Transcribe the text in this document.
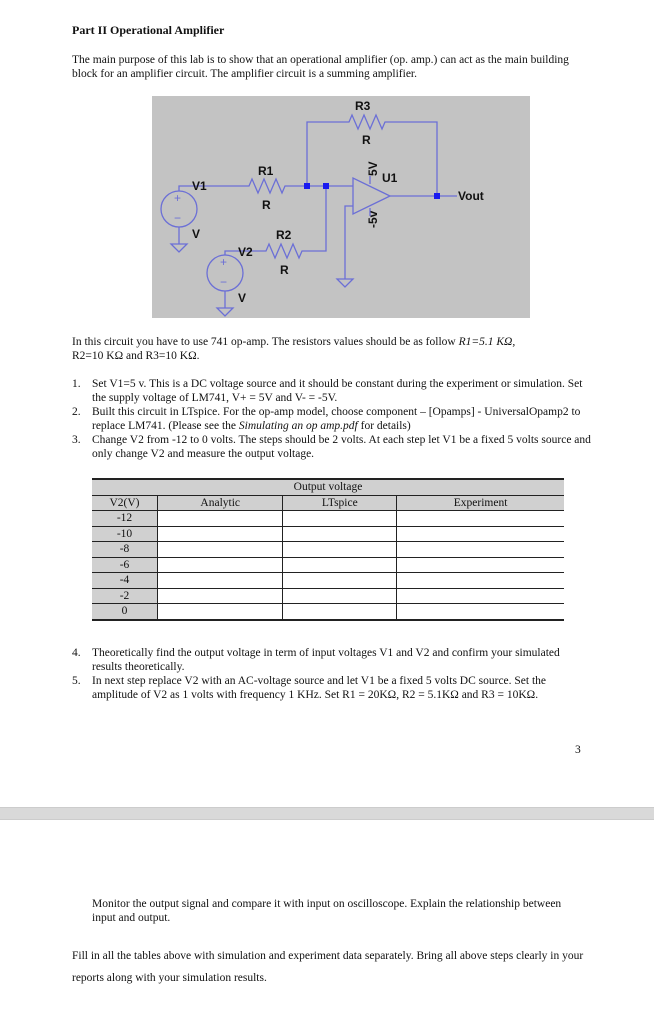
Part II Operational Amplifier
The main purpose of this lab is to show that an operational amplifier (op. amp.) can act as the main building block for an amplifier circuit. The amplifier circuit is a summing amplifier.
R3
R
R1
R
R2
R
V1
V
V2
V
U1
Vout
5V
-5v
+
−
+
−
In this circuit you have to use 741 op-amp. The resistors values should be as follow R1=5.1 KΩ,
R2=10 KΩ and R3=10 KΩ.
1. Set V1=5 v. This is a DC voltage source and it should be constant during the experiment or simulation. Set the supply voltage of LM741, V+ = 5V and V- = -5V.
2. Built this circuit in LTspice. For the op-amp model, choose component – [Opamps] - UniversalOpamp2 to replace LM741. (Please see the Simulating an op amp.pdf for details)
3. Change V2 from -12 to 0 volts. The steps should be 2 volts. At each step let V1 be a fixed 5 volts source and only change V2 and measure the output voltage.
Output voltage			
V2(V)	Analytic	LTspice	Experiment
-12			
-10			
-8			
-6			
-4			
-2			
0			
4. Theoretically find the output voltage in term of input voltages V1 and V2 and confirm your simulated results theoretically.
5. In next step replace V2 with an AC-voltage source and let V1 be a fixed 5 volts DC source. Set the amplitude of V2 as 1 volts with frequency 1 KHz. Set R1 = 20KΩ, R2 = 5.1KΩ and R3 = 10KΩ.
3
Monitor the output signal and compare it with input on oscilloscope. Explain the relationship between input and output.
Fill in all the tables above with simulation and experiment data separately. Bring all above steps clearly in your reports along with your simulation results.
